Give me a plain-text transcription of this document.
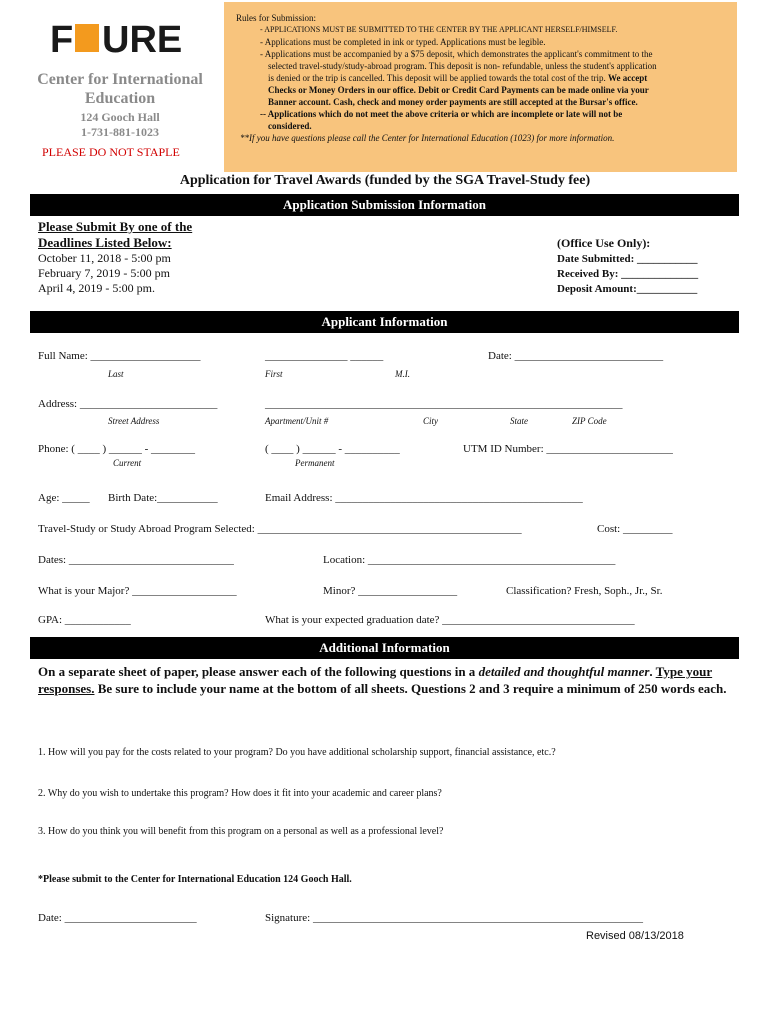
F URE
Center for International Education
124 Gooch Hall
1-731-881-1023
PLEASE DO NOT STAPLE
Rules for Submission:
- APPLICATIONS MUST BE SUBMITTED TO THE CENTER BY THE APPLICANT HERSELF/HIMSELF.
- Applications must be completed in ink or typed. Applications must be legible.
- Applications must be accompanied by a $75 deposit, which demonstrates the applicant's commitment to the
selected travel-study/study-abroad program. This deposit is non- refundable, unless the student's application
is denied or the trip is cancelled. This deposit will be applied towards the total cost of the trip. We accept
Checks or Money Orders in our office. Debit or Credit Card Payments can be made online via your
Banner account. Cash, check and money order payments are still accepted at the Bursar's office.
-- Applications which do not meet the above criteria or which are incomplete or late will not be
considered.
**If you have questions please call the Center for International Education (1023) for more information.
Application for Travel Awards (funded by the SGA Travel-Study fee)
Application Submission Information
Please Submit By one of the
Deadlines Listed Below:
October 11, 2018 - 5:00 pm
February 7, 2019 - 5:00 pm
April 4, 2019 - 5:00 pm.
(Office Use Only):
Date Submitted: ___________
Received By: ______________
Deposit Amount:___________
Applicant Information
Full Name: ____________________	_______________ ______	Date: ___________________________
Last	First	M.I.
Address: _________________________	_________________________________________________________________
Street Address	Apartment/Unit #	City	State	ZIP Code
Phone: ( ____ ) ______ - ________	( ____ ) ______ - __________	UTM ID Number: _______________________
Current	Permanent
Age: _____ Birth Date:___________	Email Address: _____________________________________________
Travel-Study or Study Abroad Program Selected: ________________________________________________	Cost: _________
Dates: ______________________________	Location: _____________________________________________
What is your Major? ___________________	Minor? __________________	Classification? Fresh, Soph., Jr., Sr.
GPA: ____________	What is your expected graduation date? ___________________________________
Additional Information
On a separate sheet of paper, please answer each of the following questions in a detailed and thoughtful manner. Type your responses. Be sure to include your name at the bottom of all sheets. Questions 2 and 3 require a minimum of 250 words each.
1. How will you pay for the costs related to your program? Do you have additional scholarship support, financial assistance, etc.?
2. Why do you wish to undertake this program? How does it fit into your academic and career plans?
3. How do you think you will benefit from this program on a personal as well as a professional level?
*Please submit to the Center for International Education 124 Gooch Hall.
Date: ________________________	Signature: ____________________________________________________________
Revised 08/13/2018
